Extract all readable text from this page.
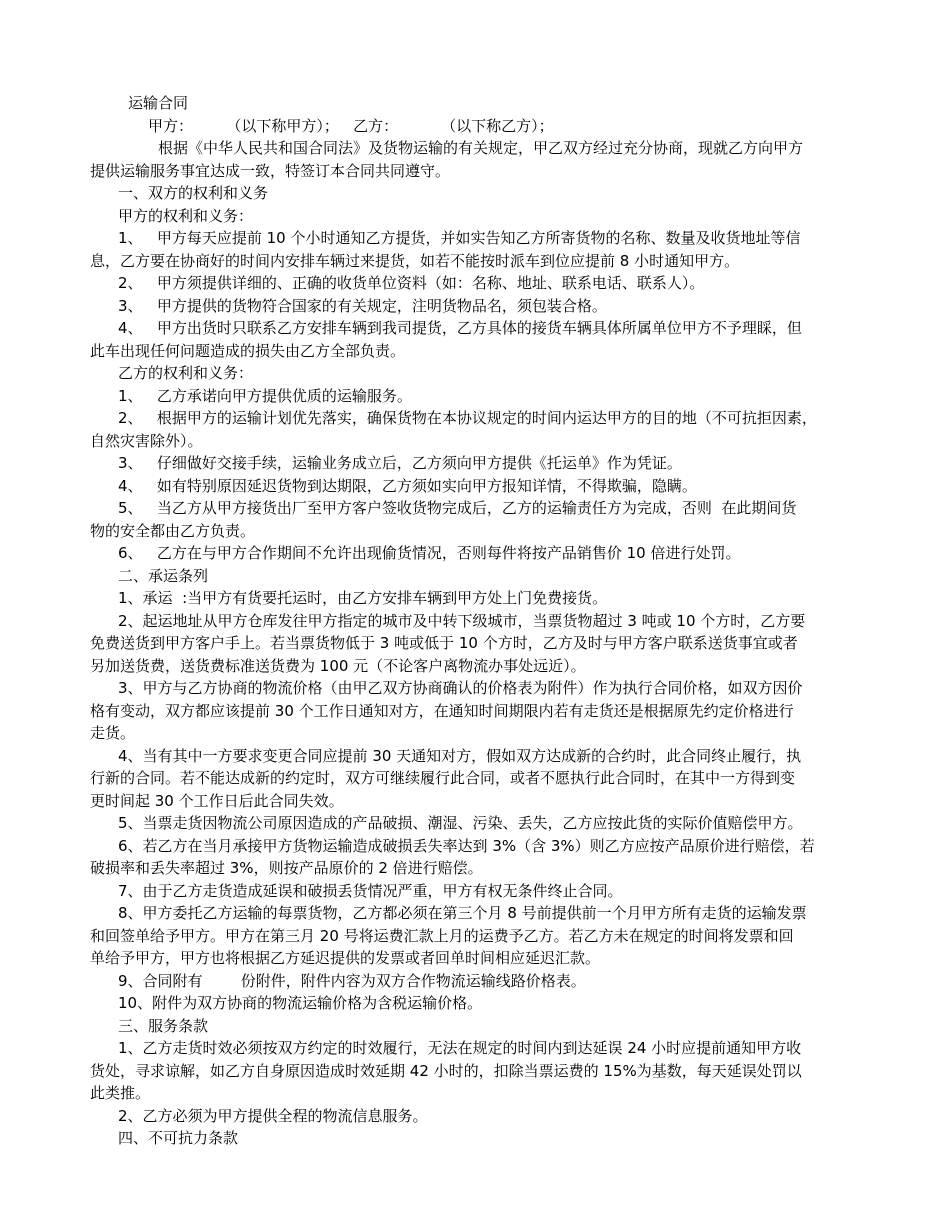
运输合同
甲方：       （以下称甲方）；   乙方：         （以下称乙方）；
根据《中华人民共和国合同法》及货物运输的有关规定，甲乙双方经过充分协商，现就乙方向甲方
提供运输服务事宜达成一致，特签订本合同共同遵守。
一、双方的权利和义务
甲方的权利和义务：
1、   甲方每天应提前 10 个小时通知乙方提货，并如实告知乙方所寄货物的名称、数量及收货地址等信
息，乙方要在协商好的时间内安排车辆过来提货，如若不能按时派车到位应提前 8 小时通知甲方。
2、   甲方须提供详细的、正确的收货单位资料（如：名称、地址、联系电话、联系人）。
3、   甲方提供的货物符合国家的有关规定，注明货物品名，须包装合格。
4、   甲方出货时只联系乙方安排车辆到我司提货，乙方具体的接货车辆具体所属单位甲方不予理睬，但
此车出现任何问题造成的损失由乙方全部负责。
乙方的权利和义务：
1、   乙方承诺向甲方提供优质的运输服务。
2、   根据甲方的运输计划优先落实，确保货物在本协议规定的时间内运达甲方的目的地（不可抗拒因素，
自然灾害除外）。
3、   仔细做好交接手续，运输业务成立后，乙方须向甲方提供《托运单》作为凭证。
4、   如有特别原因延迟货物到达期限，乙方须如实向甲方报知详情，不得欺骗，隐瞒。
5、   当乙方从甲方接货出厂至甲方客户签收货物完成后，乙方的运输责任方为完成，否则  在此期间货
物的安全都由乙方负责。
6、   乙方在与甲方合作期间不允许出现偷货情况，否则每件将按产品销售价 10 倍进行处罚。
二、承运条列
1、承运  :当甲方有货要托运时，由乙方安排车辆到甲方处上门免费接货。
2、起运地址从甲方仓库发往甲方指定的城市及中转下级城市，当票货物超过 3 吨或 10 个方时，乙方要
免费送货到甲方客户手上。若当票货物低于 3 吨或低于 10 个方时，乙方及时与甲方客户联系送货事宜或者
另加送货费，送货费标准送货费为 100 元（不论客户离物流办事处远近）。
3、甲方与乙方协商的物流价格（由甲乙双方协商确认的价格表为附件）作为执行合同价格，如双方因价
格有变动，双方都应该提前 30 个工作日通知对方，在通知时间期限内若有走货还是根据原先约定价格进行
走货。
4、当有其中一方要求变更合同应提前 30 天通知对方，假如双方达成新的合约时，此合同终止履行，执
行新的合同。若不能达成新的约定时，双方可继续履行此合同，或者不愿执行此合同时，在其中一方得到变
更时间起 30 个工作日后此合同失效。
5、当票走货因物流公司原因造成的产品破损、潮湿、污染、丢失，乙方应按此货的实际价值赔偿甲方。
6、若乙方在当月承接甲方货物运输造成破损丢失率达到 3%（含 3%）则乙方应按产品原价进行赔偿，若
破损率和丢失率超过 3%，则按产品原价的 2 倍进行赔偿。
7、由于乙方走货造成延误和破损丢货情况严重，甲方有权无条件终止合同。
8、甲方委托乙方运输的每票货物，乙方都必须在第三个月 8 号前提供前一个月甲方所有走货的运输发票
和回签单给予甲方。甲方在第三月 20 号将运费汇款上月的运费予乙方。若乙方未在规定的时间将发票和回
单给予甲方，甲方也将根据乙方延迟提供的发票或者回单时间相应延迟汇款。
9、合同附有        份附件，附件内容为双方合作物流运输线路价格表。
10、附件为双方协商的物流运输价格为含税运输价格。
三、服务条款
1、乙方走货时效必须按双方约定的时效履行，无法在规定的时间内到达延误 24 小时应提前通知甲方收
货处，寻求谅解，如乙方自身原因造成时效延期 42 小时的，扣除当票运费的 15%为基数，每天延误处罚以
此类推。
2、乙方必须为甲方提供全程的物流信息服务。
四、不可抗力条款
